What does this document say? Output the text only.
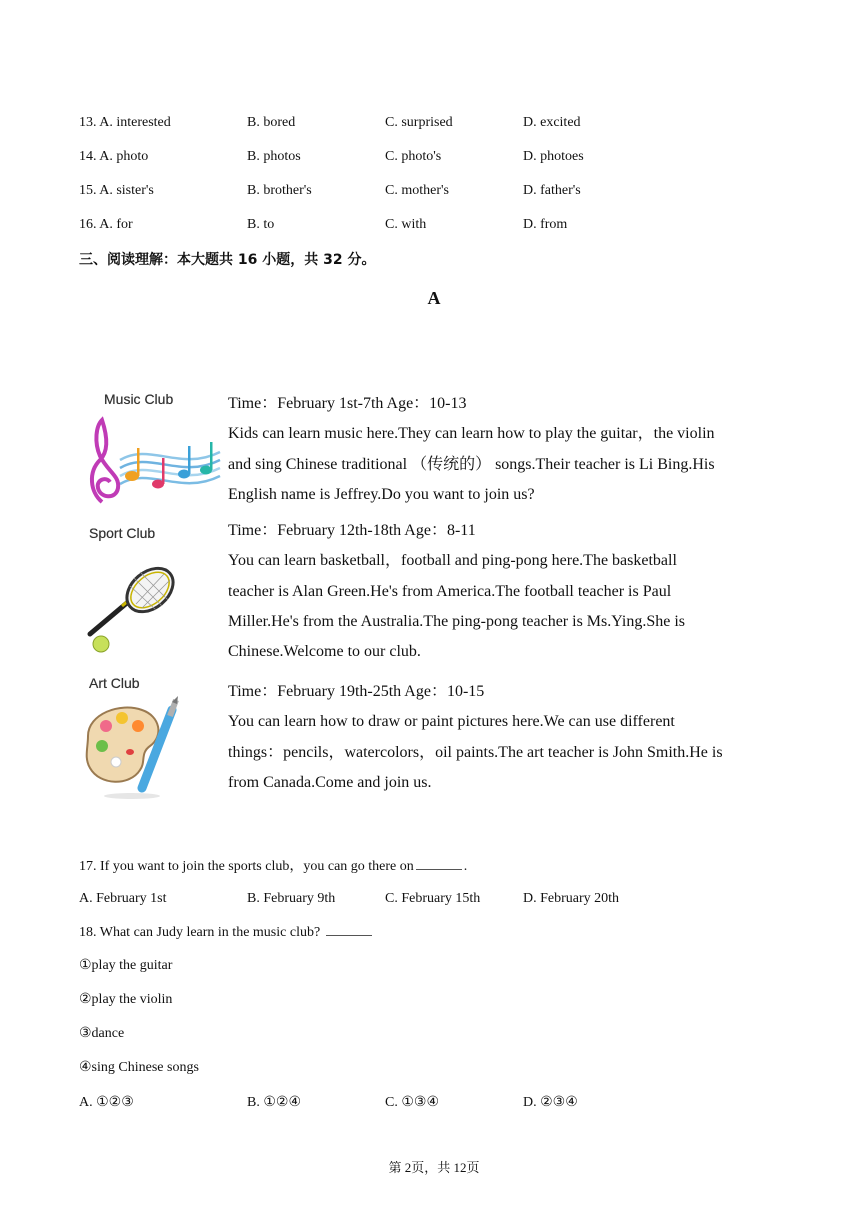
13. A. interested	B. bored	C. surprised	D. excited
14. A. photo	B. photos	C. photo's	D. photoes
15. A. sister's	B. brother's	C. mother's	D. father's
16. A. for	B. to	C. with	D. from
三、阅读理解：本大题共 16 小题，共 32 分。
A
Music Club	Time：February 1st-7th Age：10-13
Kids can learn music here.They can learn how to play the guitar，the violin
and sing Chinese traditional （传统的） songs.Their teacher is Li Bing.His
English name is Jeffrey.Do you want to join us?
Sport Club	Time：February 12th-18th Age：8-11
You can learn basketball，football and ping-pong here.The basketball
teacher is Alan Green.He's from America.The football teacher is Paul
Miller.He's from the Australia.The ping-pong teacher is Ms.Ying.She is
Chinese.Welcome to our club.
Art Club	Time：February 19th-25th Age：10-15
You can learn how to draw or paint pictures here.We can use different
things：pencils，watercolors，oil paints.The art teacher is John Smith.He is
from Canada.Come and join us.
17. If you want to join the sports club，you can go there on	.
A. February 1st	B. February 9th	C. February 15th	D. February 20th
18. What can Judy learn in the music club?
①play the guitar
②play the violin
③dance
④sing Chinese songs
A. ①②③	B. ①②④	C. ①③④	D. ②③④
第 2页，共 12页
